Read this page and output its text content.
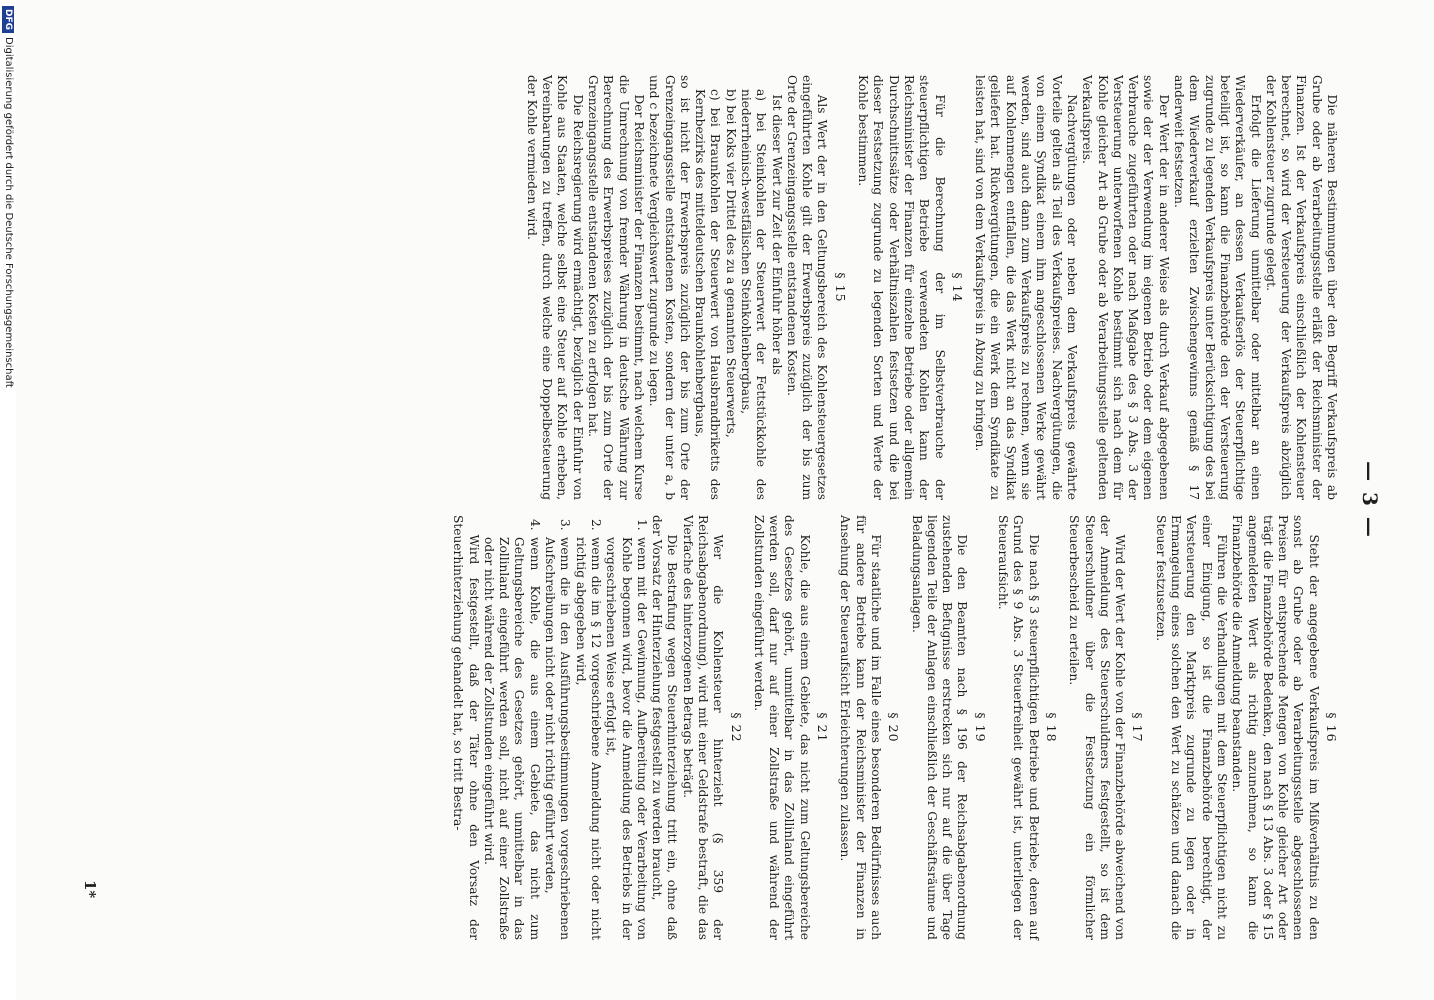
— 3 —

Die näheren Bestimmungen über den Begriff Verkaufspreis ab Grube oder ab Verarbeitungsstelle erläßt der Reichsminister der Finanzen. Ist der Verkaufspreis einschließlich der Kohlensteuer berechnet, so wird der Versteuerung der Verkaufspreis abzüglich der Kohlensteuer zugrunde gelegt.

Erfolgt die Lieferung unmittelbar oder mittelbar an einen Wiederverkäufer, an dessen Verkaufserlös der Steuerpflichtige beteiligt ist, so kann die Finanzbehörde den der Versteuerung zugrunde zu legenden Verkaufspreis unter Berücksichtigung des bei dem Wiederverkauf erzielten Zwischengewinns gemäß § 17 anderweit festsetzen.

Der Wert der in anderer Weise als durch Verkauf abgegebenen sowie der der Verwendung im eigenen Betrieb oder dem eigenen Verbrauche zugeführten oder nach Maßgabe des § 3 Abs. 3 der Versteuerung unterworfenen Kohle bestimmt sich nach dem für Kohle gleicher Art ab Grube oder ab Verarbeitungsstelle geltenden Verkaufspreis.

Nachvergütungen oder neben dem Verkaufspreis gewährte Vorteile gelten als Teil des Verkaufspreises. Nachvergütungen, die von einem Syndikat einem ihm angeschlossenen Werke gewährt werden, sind auch dann zum Verkaufspreis zu rechnen, wenn sie auf Kohlenmengen entfallen, die das Werk nicht an das Syndikat geliefert hat. Rückvergütungen, die ein Werk dem Syndikate zu leisten hat, sind von dem Verkaufspreis in Abzug zu bringen.

§ 14

Für die Berechnung der im Selbstverbrauche der steuerpflichtigen Betriebe verwendeten Kohlen kann der Reichsminister der Finanzen für einzelne Betriebe oder allgemein Durchschnittssätze oder Verhältniszahlen festsetzen und die bei dieser Festsetzung zugrunde zu legenden Sorten und Werte der Kohle bestimmen.

§ 15

Als Wert der in den Geltungsbereich des Kohlensteuergesetzes eingeführten Kohle gilt der Erwerbspreis zuzüglich der bis zum Orte der Grenzeingangsstelle entstandenen Kosten.

Ist dieser Wert zur Zeit der Einfuhr höher als

a) bei Steinkohlen der Steuerwert der Fettstückkohle des niederrheinisch-westfälischen Steinkohlenbergbaus,

b) bei Koks vier Drittel des zu a genannten Steuerwerts,

c) bei Braunkohlen der Steuerwert von Hausbrandbriketts des Kernbezirks des mitteldeutschen Braunkohlenbergbaus,

so ist nicht der Erwerbspreis zuzüglich der bis zum Orte der Grenzeingangsstelle entstandenen Kosten, sondern der unter a, b und c bezeichnete Vergleichswert zugrunde zu legen.

Der Reichsminister der Finanzen bestimmt, nach welchem Kurse die Umrechnung von fremder Währung in deutsche Währung zur Berechnung des Erwerbspreises zuzüglich der bis zum Orte der Grenzeingangsstelle entstandenen Kosten zu erfolgen hat.

Die Reichsregierung wird ermächtigt, bezüglich der Einfuhr von Kohle aus Staaten, welche selbst eine Steuer auf Kohle erheben, Vereinbarungen zu treffen, durch welche eine Doppelbesteuerung der Kohle vermieden wird.

§ 16

Steht der angegebene Verkaufspreis im Mißverhältnis zu den sonst ab Grube oder ab Verarbeitungsstelle abgeschlossenen Preisen für entsprechende Mengen von Kohle gleicher Art oder trägt die Finanzbehörde Bedenken, den nach § 13 Abs. 3 oder § 15 angemeldeten Wert als richtig anzunehmen, so kann die Finanzbehörde die Anmeldung beanstanden.

Führen die Verhandlungen mit dem Steuerpflichtigen nicht zu einer Einigung, so ist die Finanzbehörde berechtigt, der Versteuerung den Marktpreis zugrunde zu legen oder in Ermangelung eines solchen den Wert zu schätzen und danach die Steuer festzusetzen.

§ 17

Wird der Wert der Kohle von der Finanzbehörde abweichend von der Anmeldung des Steuerschuldners festgestellt, so ist dem Steuerschuldner über die Festsetzung ein förmlicher Steuerbescheid zu erteilen.

§ 18

Die nach § 3 steuerpflichtigen Betriebe und Betriebe, denen auf Grund des § 9 Abs. 3 Steuerfreiheit gewährt ist, unterliegen der Steueraufsicht.

§ 19

Die den Beamten nach § 196 der Reichsabgabenordnung zustehenden Befugnisse erstrecken sich nur auf die über Tage liegenden Teile der Anlagen einschließlich der Geschäftsräume und Beladungsanlagen.

§ 20

Für staatliche und im Falle eines besonderen Bedürfnisses auch für andere Betriebe kann der Reichsminister der Finanzen in Ansehung der Steueraufsicht Erleichterungen zulassen.

§ 21

Kohle, die aus einem Gebiete, das nicht zum Geltungsbereiche des Gesetzes gehört, unmittelbar in das Zollinland eingeführt werden soll, darf nur auf einer Zollstraße und während der Zollstunden eingeführt werden.

§ 22

Wer die Kohlensteuer hinterzieht (§ 359 der Reichsabgabenordnung), wird mit einer Geldstrafe bestraft, die das Vierfache des hinterzogenen Betrags beträgt.

Die Bestrafung wegen Steuerhinterziehung tritt ein, ohne daß der Vorsatz der Hinterziehung festgestellt zu werden braucht,

1.
wenn mit der Gewinnung, Aufbereitung oder Verarbeitung von Kohle begonnen wird, bevor die Anmeldung des Betriebs in der vorgeschriebenen Weise erfolgt ist,
2.
wenn die im § 12 vorgeschriebene Anmeldung nicht oder nicht richtig abgegeben wird,
3.
wenn die in den Ausführungsbestimmungen vorgeschriebenen Aufschreibungen nicht oder nicht richtig geführt werden,
4.
wenn Kohle, die aus einem Gebiete, das nicht zum Geltungsbereiche des Gesetzes gehört, unmittelbar in das Zollinland eingeführt werden soll, nicht auf einer Zollstraße oder nicht während der Zollstunden eingeführt wird.

Wird festgestellt, daß der Täter ohne den Vorsatz der Steuerhinterziehung gehandelt hat, so tritt Bestra-

1*
DFGDigitalisierung gefördert durch die Deutsche Forschungsgemeinschaft
